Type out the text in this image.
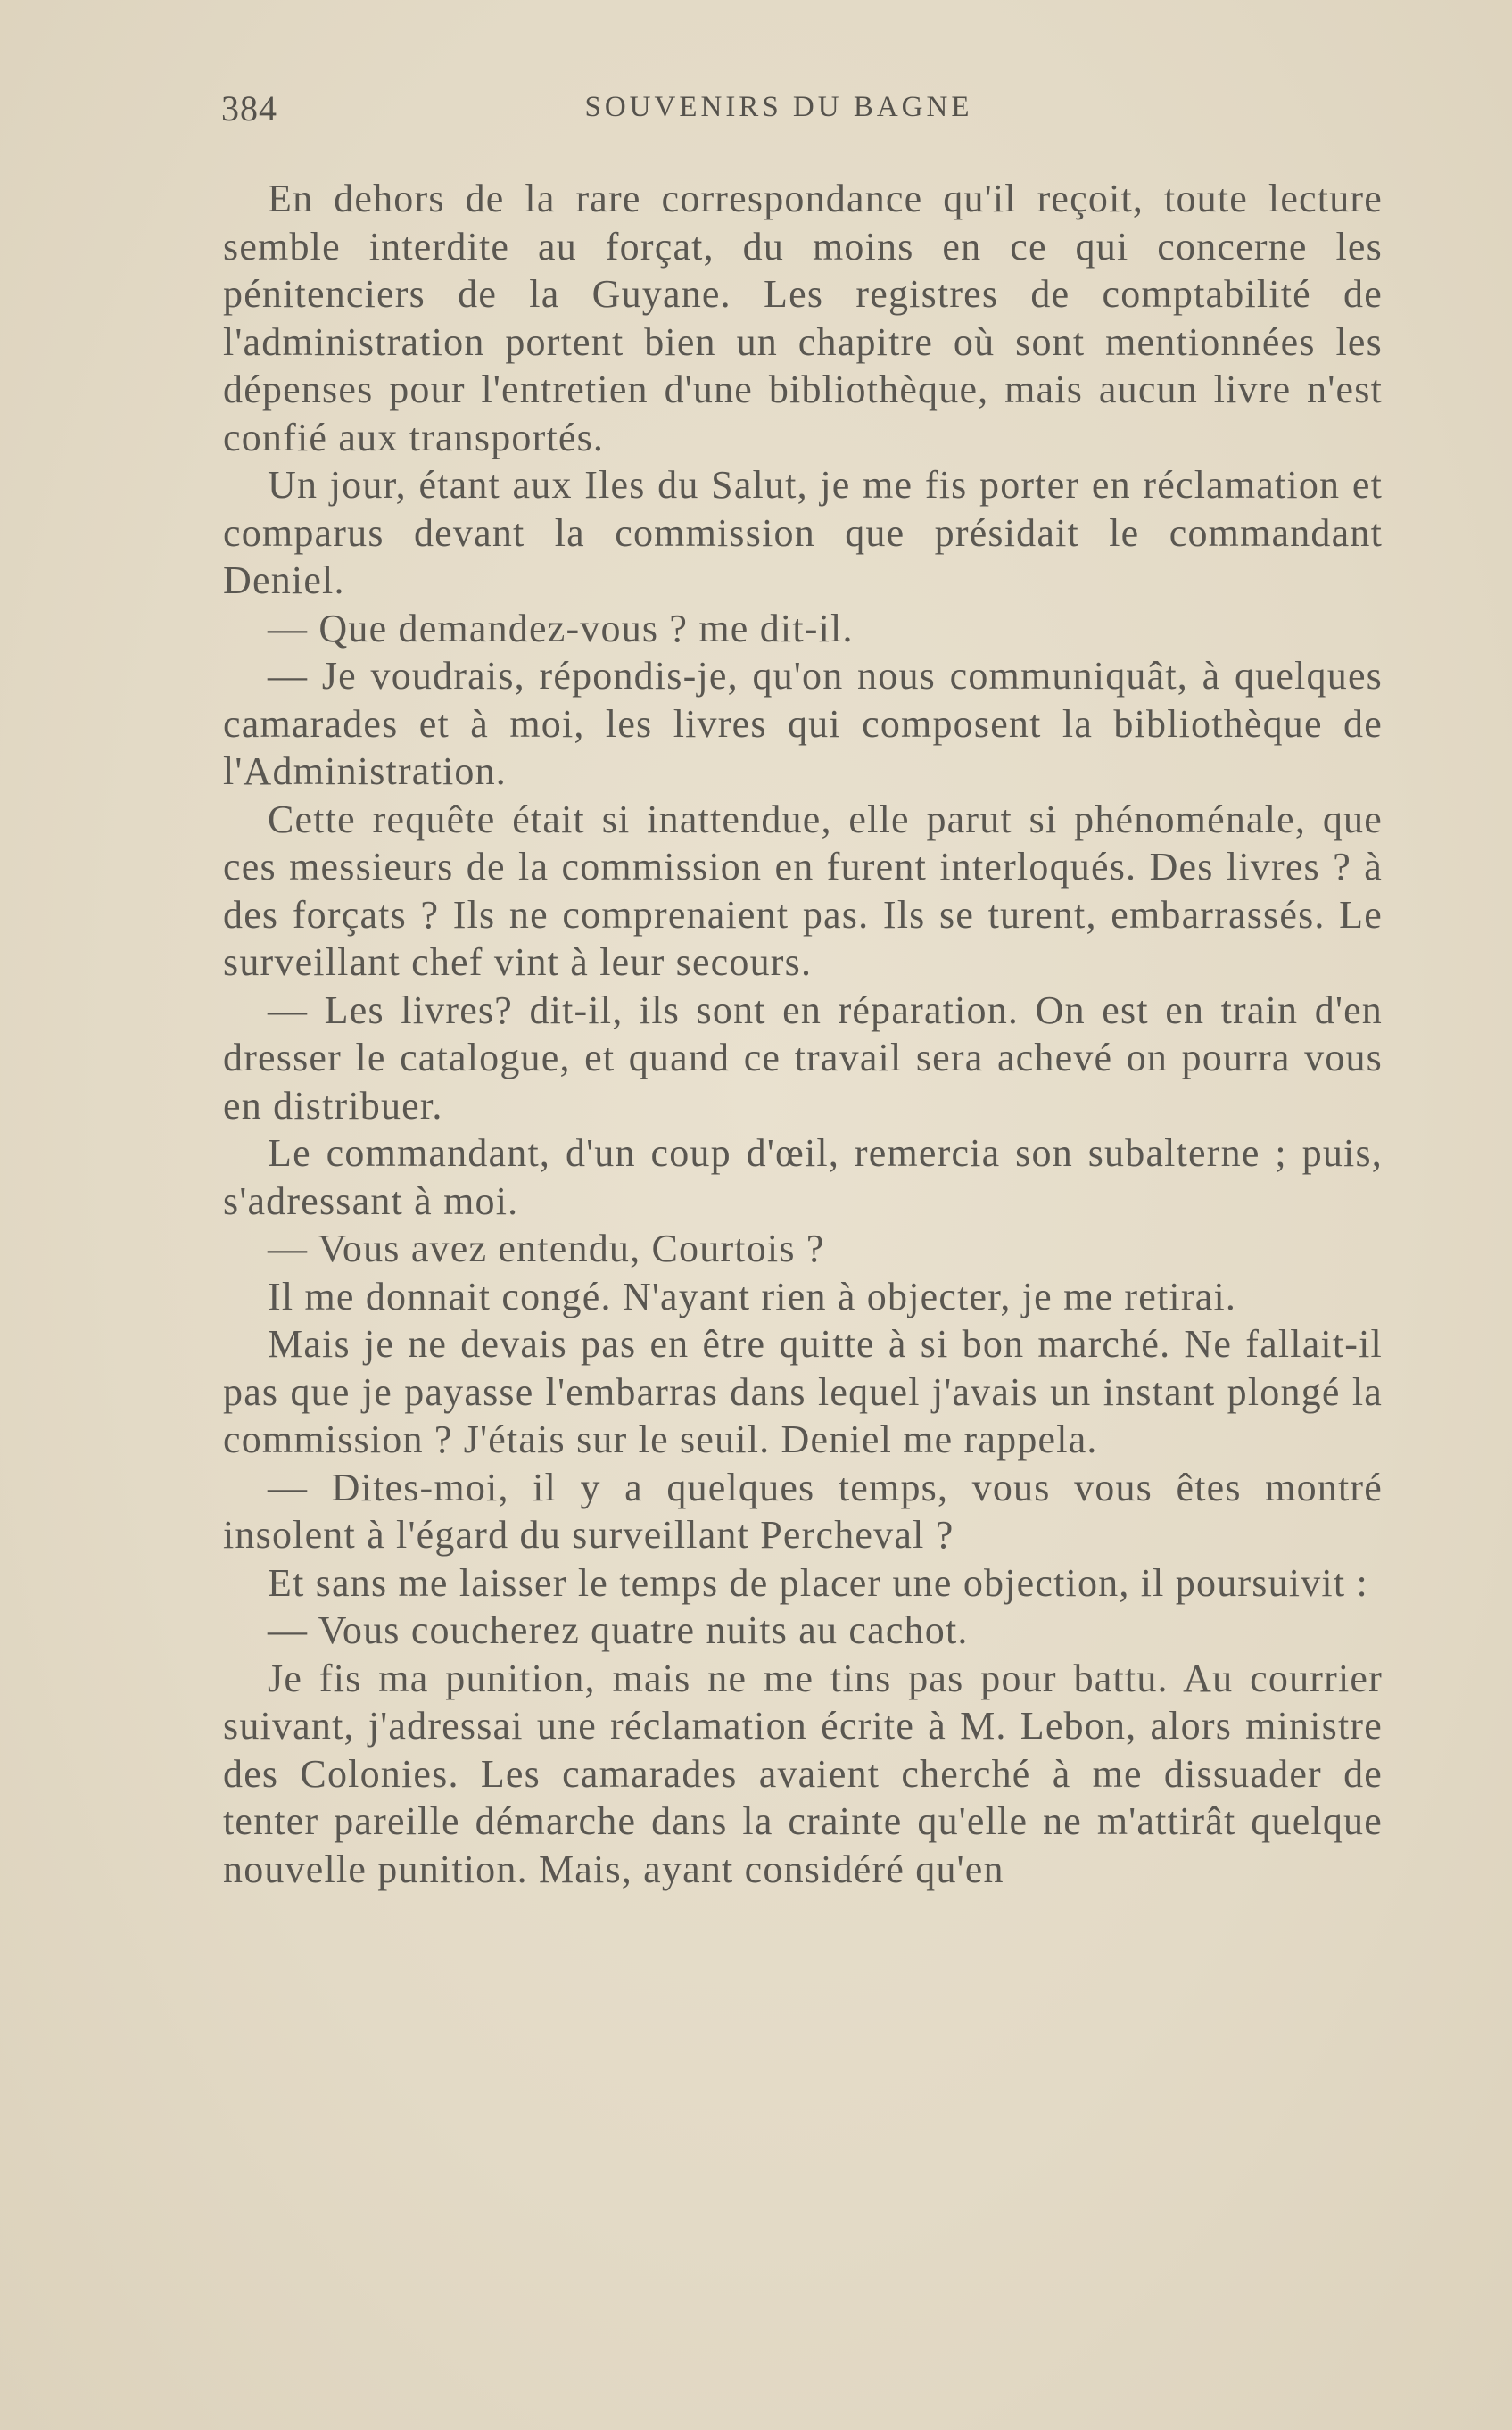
384	SOUVENIRS DU BAGNE

En dehors de la rare correspondance qu'il reçoit, toute lecture semble interdite au forçat, du moins en ce qui concerne les pénitenciers de la Guyane. Les registres de comptabilité de l'administration portent bien un chapitre où sont mentionnées les dépenses pour l'entretien d'une bibliothèque, mais aucun livre n'est confié aux transportés.

Un jour, étant aux Iles du Salut, je me fis porter en réclamation et comparus devant la commission que présidait le commandant Deniel.

— Que demandez-vous ? me dit-il.

— Je voudrais, répondis-je, qu'on nous communiquât, à quelques camarades et à moi, les livres qui composent la bibliothèque de l'Administration.

Cette requête était si inattendue, elle parut si phénoménale, que ces messieurs de la commission en furent interloqués. Des livres ? à des forçats ? Ils ne comprenaient pas. Ils se turent, embarrassés. Le surveillant chef vint à leur secours.

— Les livres? dit-il, ils sont en réparation. On est en train d'en dresser le catalogue, et quand ce travail sera achevé on pourra vous en distribuer.

Le commandant, d'un coup d'œil, remercia son subalterne ; puis, s'adressant à moi.

— Vous avez entendu, Courtois ?

Il me donnait congé. N'ayant rien à objecter, je me retirai.

Mais je ne devais pas en être quitte à si bon marché. Ne fallait-il pas que je payasse l'embarras dans lequel j'avais un instant plongé la commission ? J'étais sur le seuil. Deniel me rappela.

— Dites-moi, il y a quelques temps, vous vous êtes montré insolent à l'égard du surveillant Percheval ?

Et sans me laisser le temps de placer une objection, il poursuivit :

— Vous coucherez quatre nuits au cachot.

Je fis ma punition, mais ne me tins pas pour battu. Au courrier suivant, j'adressai une réclamation écrite à M. Lebon, alors ministre des Colonies. Les camarades avaient cherché à me dissuader de tenter pareille démarche dans la crainte qu'elle ne m'attirât quelque nouvelle punition. Mais, ayant considéré qu'en
